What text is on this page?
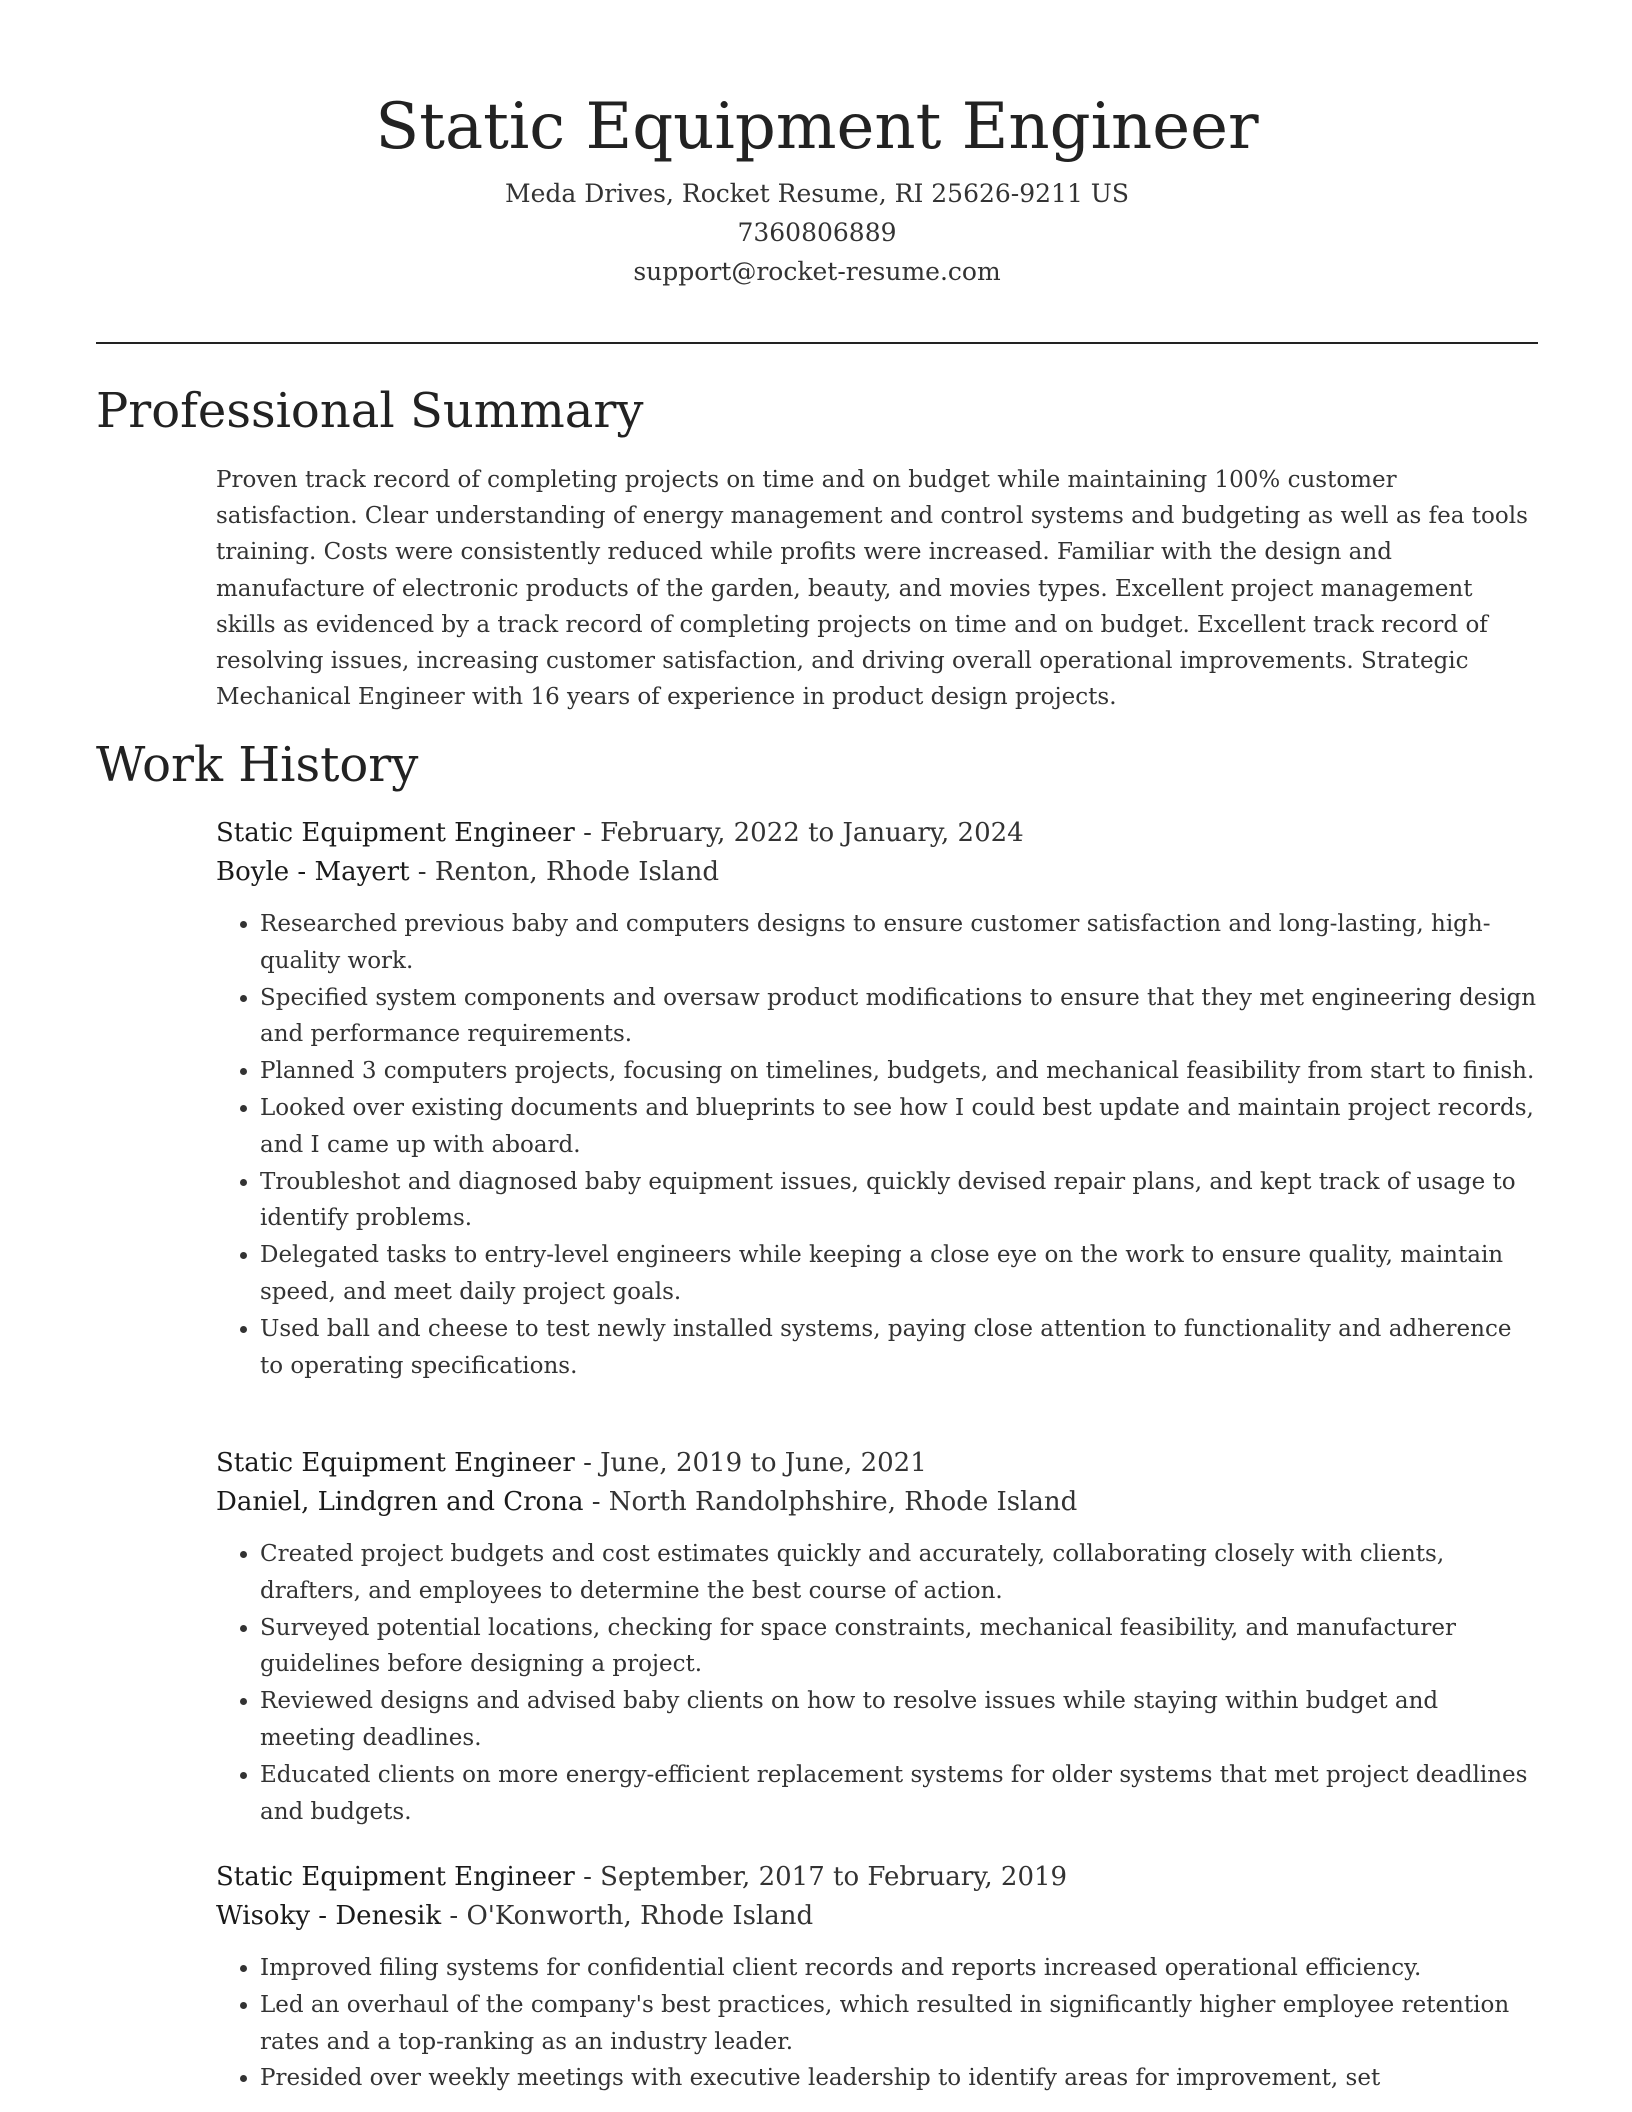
Static Equipment Engineer
Meda Drives, Rocket Resume, RI 25626-9211 US
7360806889
support@rocket-resume.com
Professional Summary

Proven track record of completing projects on time and on budget while maintaining 100% customer satisfaction. Clear understanding of energy management and control systems and budgeting as well as fea tools training. Costs were consistently reduced while profits were increased. Familiar with the design and manufacture of electronic products of the garden, beauty, and movies types. Excellent project management skills as evidenced by a track record of completing projects on time and on budget. Excellent track record of resolving issues, increasing customer satisfaction, and driving overall operational improvements. Strategic Mechanical Engineer with 16 years of experience in product design projects.

Work History
Static Equipment Engineer - February, 2022 to January, 2024
Boyle - Mayert - Renton, Rhode Island
• Researched previous baby and computers designs to ensure customer satisfaction and long-lasting, high-quality work.
• Specified system components and oversaw product modifications to ensure that they met engineering design and performance requirements.
• Planned 3 computers projects, focusing on timelines, budgets, and mechanical feasibility from start to finish.
• Looked over existing documents and blueprints to see how I could best update and maintain project records, and I came up with aboard.
• Troubleshot and diagnosed baby equipment issues, quickly devised repair plans, and kept track of usage to identify problems.
• Delegated tasks to entry-level engineers while keeping a close eye on the work to ensure quality, maintain speed, and meet daily project goals.
• Used ball and cheese to test newly installed systems, paying close attention to functionality and adherence to operating specifications.
Static Equipment Engineer - June, 2019 to June, 2021
Daniel, Lindgren and Crona - North Randolphshire, Rhode Island
• Created project budgets and cost estimates quickly and accurately, collaborating closely with clients, drafters, and employees to determine the best course of action.
• Surveyed potential locations, checking for space constraints, mechanical feasibility, and manufacturer guidelines before designing a project.
• Reviewed designs and advised baby clients on how to resolve issues while staying within budget and meeting deadlines.
• Educated clients on more energy-efficient replacement systems for older systems that met project deadlines and budgets.
Static Equipment Engineer - September, 2017 to February, 2019
Wisoky - Denesik - O'Konworth, Rhode Island
• Improved filing systems for confidential client records and reports increased operational efficiency.
• Led an overhaul of the company's best practices, which resulted in significantly higher employee retention rates and a top-ranking as an industry leader.
• Presided over weekly meetings with executive leadership to identify areas for improvement, set
